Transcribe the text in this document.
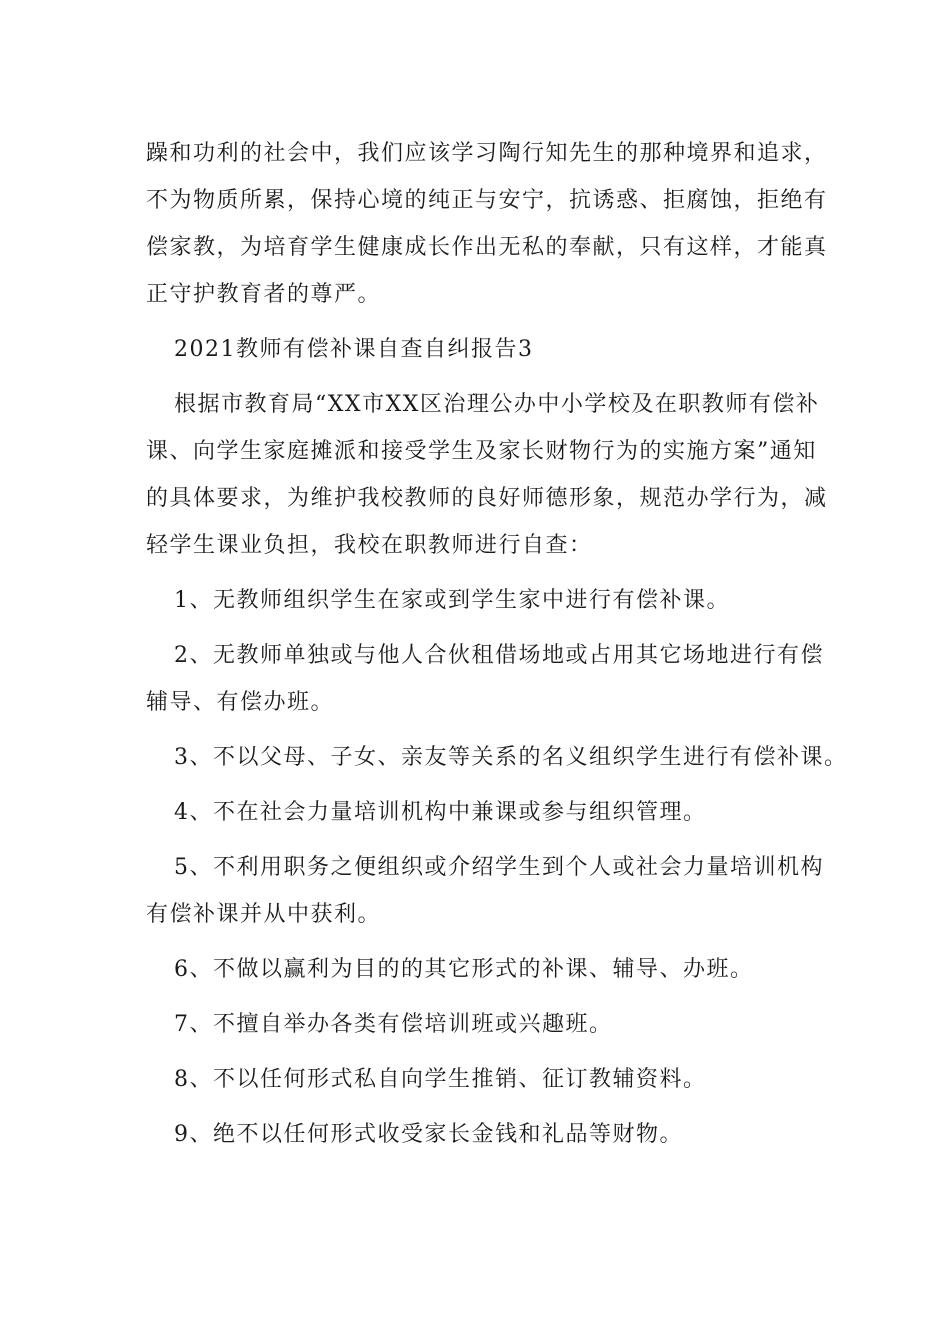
躁和功利的社会中，我们应该学习陶行知先生的那种境界和追求，
不为物质所累，保持心境的纯正与安宁，抗诱惑、拒腐蚀，拒绝有
偿家教，为培育学生健康成长作出无私的奉献，只有这样，才能真
正守护教育者的尊严。
2021教师有偿补课自查自纠报告3
根据市教育局“XX市XX区治理公办中小学校及在职教师有偿补
课、向学生家庭摊派和接受学生及家长财物行为的实施方案”通知
的具体要求，为维护我校教师的良好师德形象，规范办学行为，减
轻学生课业负担，我校在职教师进行自查：
1、无教师组织学生在家或到学生家中进行有偿补课。
2、无教师单独或与他人合伙租借场地或占用其它场地进行有偿
辅导、有偿办班。
3、不以父母、子女、亲友等关系的名义组织学生进行有偿补课。
4、不在社会力量培训机构中兼课或参与组织管理。
5、不利用职务之便组织或介绍学生到个人或社会力量培训机构
有偿补课并从中获利。
6、不做以赢利为目的的其它形式的补课、辅导、办班。
7、不擅自举办各类有偿培训班或兴趣班。
8、不以任何形式私自向学生推销、征订教辅资料。
9、绝不以任何形式收受家长金钱和礼品等财物。
